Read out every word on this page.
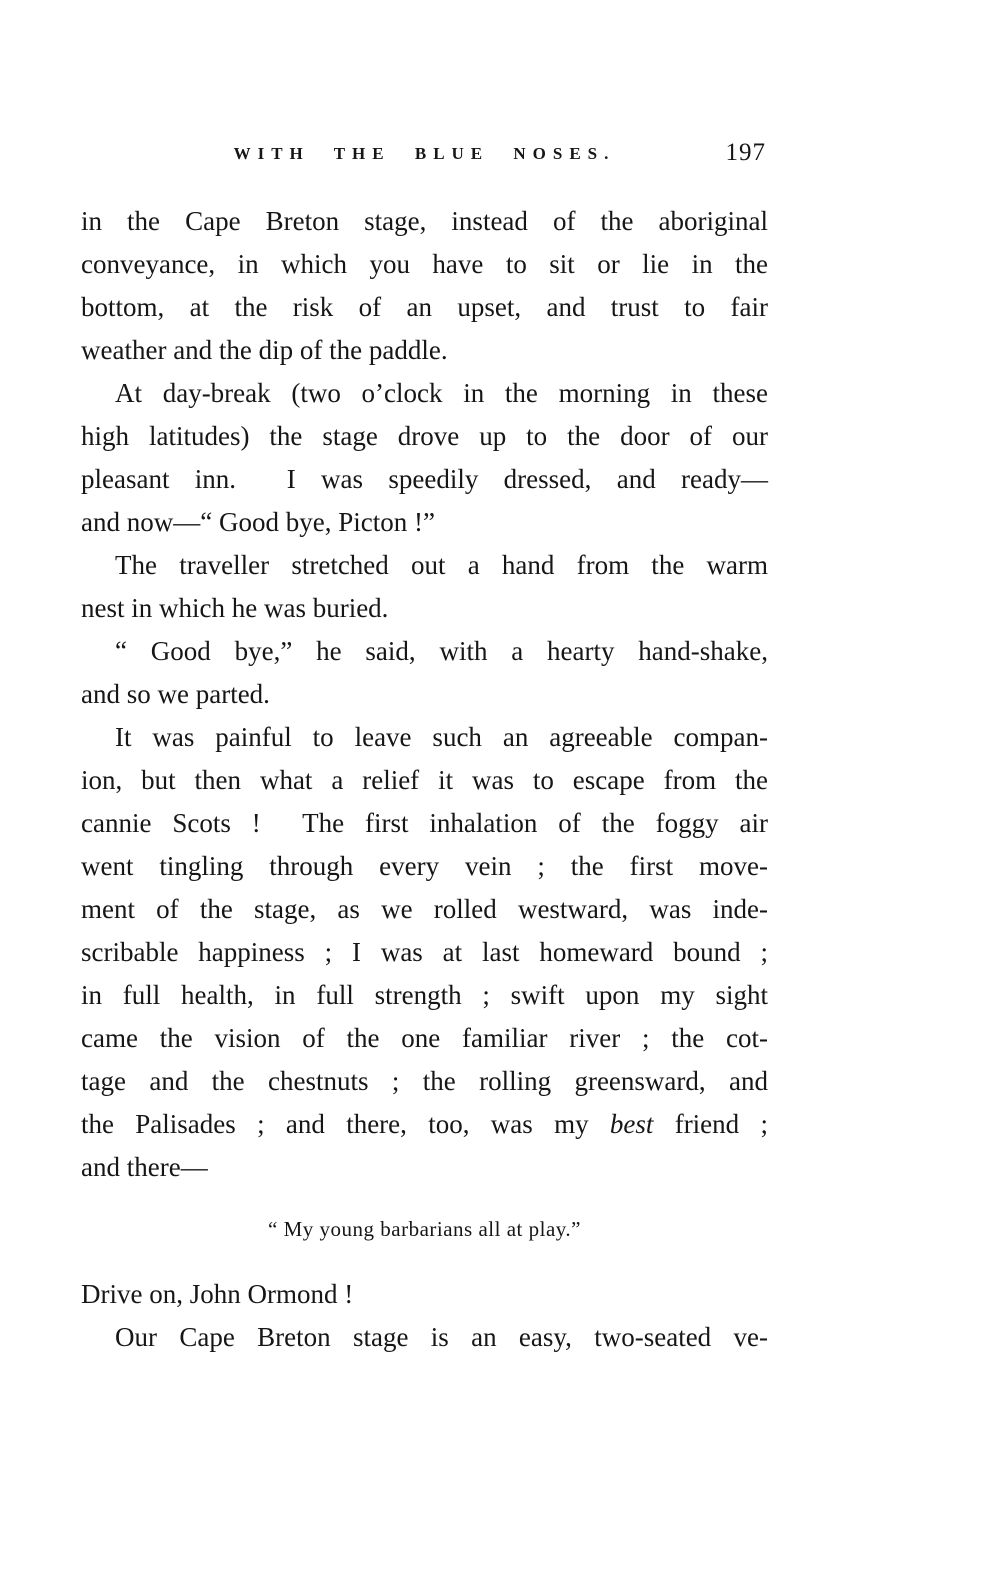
WITH THE BLUE NOSES.	197
in the Cape Breton stage, instead of the aboriginal
conveyance, in which you have to sit or lie in the
bottom, at the risk of an upset, and trust to fair
weather and the dip of the paddle.
At day-break (two o’clock in the morning in these
high latitudes) the stage drove up to the door of our
pleasant inn.  I was speedily dressed, and ready—
and now—“ Good bye, Picton !”
The traveller stretched out a hand from the warm
nest in which he was buried.
“ Good bye,” he said, with a hearty hand-shake,
and so we parted.
It was painful to leave such an agreeable compan-
ion, but then what a relief it was to escape from the
cannie Scots !  The first inhalation of the foggy air
went tingling through every vein ; the first move-
ment of the stage, as we rolled westward, was inde-
scribable happiness ; I was at last homeward bound ;
in full health, in full strength ; swift upon my sight
came the vision of the one familiar river ; the cot-
tage and the chestnuts ; the rolling greensward, and
the Palisades ; and there, too, was my best friend ;
and there—
“ My young barbarians all at play.”
Drive on, John Ormond !
Our Cape Breton stage is an easy, two-seated ve-
